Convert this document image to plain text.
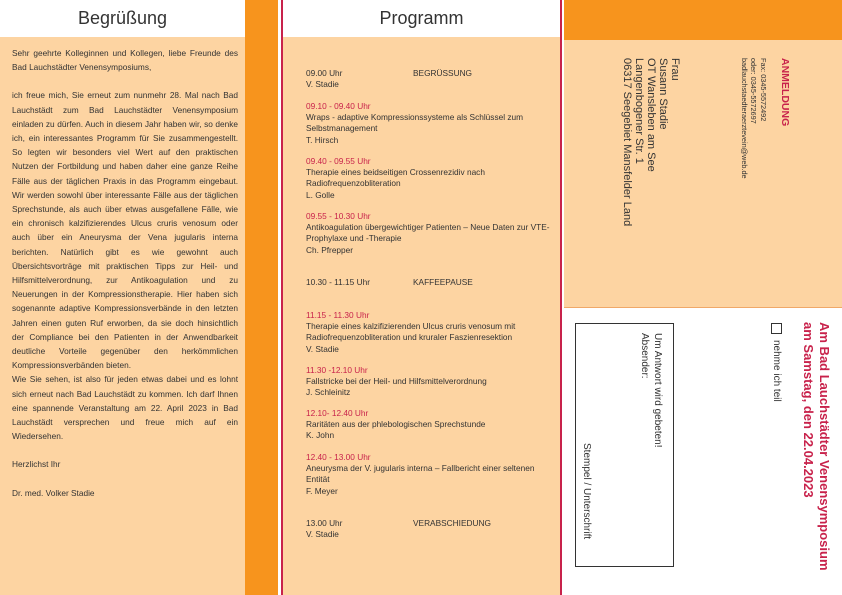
Begrüßung

Sehr geehrte Kolleginnen und Kollegen, liebe Freunde des Bad Lauchstädter Venensymposiums,

ich freue mich, Sie erneut zum nunmehr 28. Mal nach Bad Lauchstädt zum Bad Lauchstädter Venensymposium einladen zu dürfen. Auch in diesem Jahr haben wir, so denke ich, ein interessantes Programm für Sie zusammengestellt. So legten wir besonders viel Wert auf den praktischen Nutzen der Fortbildung und haben daher eine ganze Reihe Fälle aus der täglichen Praxis in das Programm eingebaut. Wir werden sowohl über interessante Fälle aus der täglichen Sprechstunde, als auch über etwas ausgefallene Fälle, wie ein chronisch kalzifizierendes Ulcus cruris venosum oder auch über ein Aneurysma der Vena jugularis interna berichten. Natürlich gibt es wie gewohnt auch Übersichtsvorträge mit praktischen Tipps zur Heil- und Hilfsmittelverordnung, zur Antikoagulation und zu Neuerungen in der Kompressionstherapie. Hier haben sich sogenannte adaptive Kompressionsverbände in den letzten Jahren einen guten Ruf erworben, da sie doch hinsichtlich der Compliance bei den Patienten in der Anwendbarkeit deutliche Vorteile gegenüber den herkömmlichen Kompressionsverbänden bieten.

Wie Sie sehen, ist also für jeden etwas dabei und es lohnt sich erneut nach Bad Lauchstädt zu kommen. Ich darf Ihnen eine spannende Veranstaltung am 22. April 2023 in Bad Lauchstädt versprechen und freue mich auf ein Wiedersehen.

Herzlichst Ihr

Dr. med. Volker Stadie

Programm
09.00 Uhr	BEGRÜSSUNG
V. Stadie
09.10 - 09.40 Uhr
Wraps - adaptive Kompressionssysteme als Schlüssel zum Selbstmanagement
T. Hirsch
09.40 - 09.55 Uhr
Therapie eines beidseitigen Crossenrezidiv nach Radiofrequenzobliteration
L. Golle
09.55 - 10.30 Uhr
Antikoagulation übergewichtiger Patienten – Neue Daten zur VTE-Prophylaxe und -Therapie
Ch. Pfrepper
10.30 - 11.15 Uhr	KAFFEEPAUSE
11.15 - 11.30 Uhr
Therapie eines kalzifizierenden Ulcus cruris venosum mit Radiofrequenzobliteration und kruraler Faszienresektion
V. Stadie
11.30 -12.10 Uhr
Fallstricke bei der Heil- und Hilfsmittelverordnung
J. Schleinitz
12.10- 12.40 Uhr
Raritäten aus der phlebologischen Sprechstunde
K. John
12.40 - 13.00 Uhr
Aneurysma der V. jugularis interna – Fallbericht einer seltenen Entität
F. Meyer
13.00 Uhr	VERABSCHIEDUNG
V. Stadie
ANMELDUNG
Fax: 0345-5572492
oder: 0345-5572697
badlauchstaedteraerztevein@web.de
Frau
Susann Stadie
OT Wansleben am See
Langenbogener Str. 1
06317 Seegebiet Mansfelder Land
Am Bad Lauchstädter Venensymposium
am Samstag, den 22.04.2023
nehme ich teil
Um Antwort wird gebeten!
Absender:
Stempel / Unterschrift
